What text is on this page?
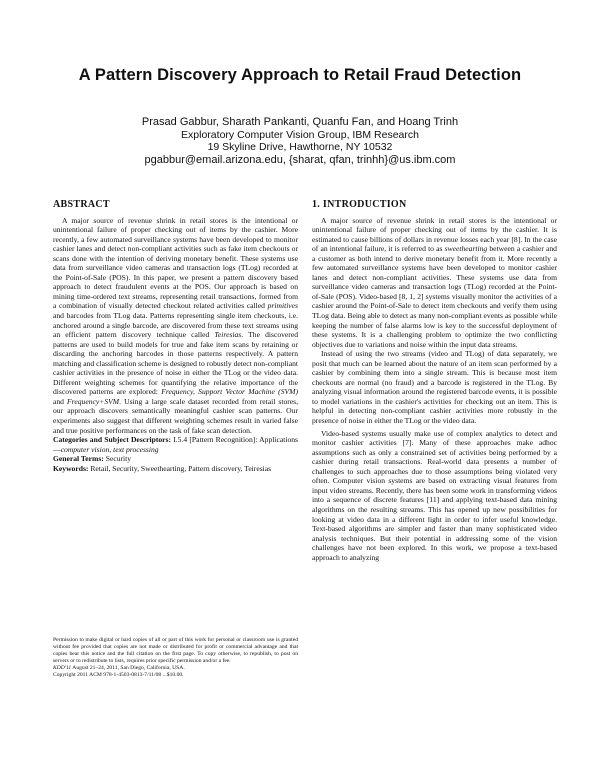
A Pattern Discovery Approach to Retail Fraud Detection
Prasad Gabbur, Sharath Pankanti, Quanfu Fan, and Hoang Trinh
Exploratory Computer Vision Group, IBM Research
19 Skyline Drive, Hawthorne, NY 10532
pgabbur@email.arizona.edu, {sharat, qfan, trinhh}@us.ibm.com
ABSTRACT

A major source of revenue shrink in retail stores is the intentional or unintentional failure of proper checking out of items by the cashier. More recently, a few automated surveillance systems have been developed to monitor cashier lanes and detect non-compliant activities such as fake item checkouts or scans done with the intention of deriving monetary benefit. These systems use data from surveillance video cameras and transaction logs (TLog) recorded at the Point-of-Sale (POS). In this paper, we present a pattern discovery based approach to detect fraudulent events at the POS. Our approach is based on mining time-ordered text streams, representing retail transactions, formed from a combination of visually detected checkout related activities called primitives and barcodes from TLog data. Patterns representing single item checkouts, i.e. anchored around a single barcode, are discovered from these text streams using an efficient pattern discovery technique called Teiresias. The discovered patterns are used to build models for true and fake item scans by retaining or discarding the anchoring barcodes in those patterns respectively. A pattern matching and classification scheme is designed to robustly detect non-compliant cashier activities in the presence of noise in either the TLog or the video data. Different weighting schemes for quantifying the relative importance of the discovered patterns are explored: Frequency, Support Vector Machine (SVM) and Frequency+SVM. Using a large scale dataset recorded from retail stores, our approach discovers semantically meaningful cashier scan patterns. Our experiments also suggest that different weighting schemes result in varied false and true positive performances on the task of fake scan detection.

Categories and Subject Descriptors: I.5.4 [Pattern Recognition]: Applications—computer vision, text processing

General Terms: Security

Keywords: Retail, Security, Sweethearting, Pattern discovery, Teiresias

Permission to make digital or hard copies of all or part of this work for personal or classroom use is granted without fee provided that copies are not made or distributed for profit or commercial advantage and that copies bear this notice and the full citation on the first page. To copy otherwise, to republish, to post on servers or to redistribute to lists, requires prior specific permission and/or a fee.

KDD'11 August 21–24, 2011, San Diego, California, USA.

Copyright 2011 ACM 978-1-4503-0813-7/11/08 ...$10.00.

1. INTRODUCTION

A major source of revenue shrink in retail stores is the intentional or unintentional failure of proper checking out of items by the cashier. It is estimated to cause billions of dollars in revenue losses each year [8]. In the case of an intentional failure, it is referred to as sweethearting between a cashier and a customer as both intend to derive monetary benefit from it. More recently a few automated surveillance systems have been developed to monitor cashier lanes and detect non-compliant activities. These systems use data from surveillance video cameras and transaction logs (TLog) recorded at the Point-of-Sale (POS). Video-based [8, 1, 2] systems visually monitor the activities of a cashier around the Point-of-Sale to detect item checkouts and verify them using TLog data. Being able to detect as many non-compliant events as possible while keeping the number of false alarms low is key to the successful deployment of these systems. It is a challenging problem to optimize the two conflicting objectives due to variations and noise within the input data streams.

Instead of using the two streams (video and TLog) of data separately, we posit that much can be learned about the nature of an item scan performed by a cashier by combining them into a single stream. This is because most item checkouts are normal (no fraud) and a barcode is registered in the TLog. By analyzing visual information around the registered barcode events, it is possible to model variations in the cashier's activities for checking out an item. This is helpful in detecting non-compliant cashier activities more robustly in the presence of noise in either the TLog or the video data.

Video-based systems usually make use of complex analytics to detect and monitor cashier activities [7]. Many of these approaches make adhoc assumptions such as only a constrained set of activities being performed by a cashier during retail transactions. Real-world data presents a number of challenges to such approaches due to those assumptions being violated very often. Computer vision systems are based on extracting visual features from input video streams. Recently, there has been some work in transforming videos into a sequence of discrete features [11] and applying text-based data mining algorithms on the resulting streams. This has opened up new possibilities for looking at video data in a different light in order to infer useful knowledge. Text-based algorithms are simpler and faster than many sophisticated video analysis techniques. But their potential in addressing some of the vision challenges have not been explored. In this work, we propose a text-based approach to analyzing
